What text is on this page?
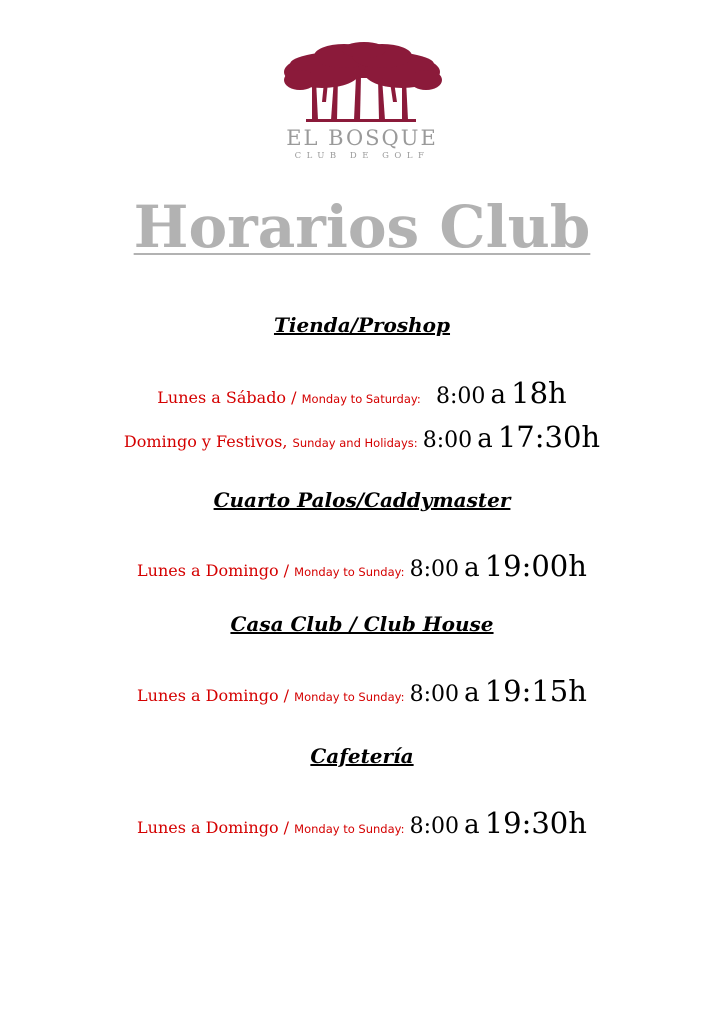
EL BOSQUE
CLUB DE GOLF
Horarios Club
Tienda/Proshop
Lunes a Sábado / Monday to Saturday: 8:00 a 18h
Domingo y Festivos, Sunday and Holidays: 8:00 a 17:30h
Cuarto Palos/Caddymaster
Lunes a Domingo / Monday to Sunday: 8:00 a 19:00h
Casa Club / Club House
Lunes a Domingo / Monday to Sunday: 8:00 a 19:15h
Cafetería
Lunes a Domingo / Monday to Sunday: 8:00 a 19:30h
